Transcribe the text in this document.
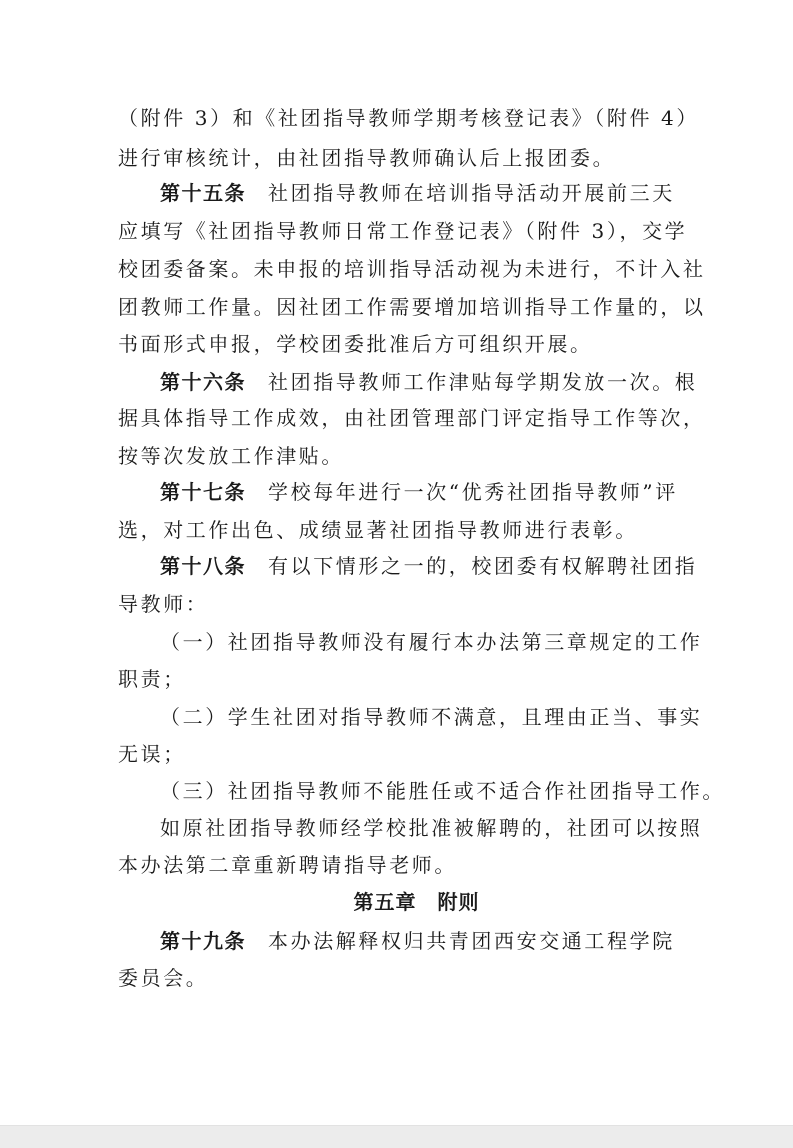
（附件 3）和《社团指导教师学期考核登记表》（附件 4）
进行审核统计，由社团指导教师确认后上报团委。
第十五条 社团指导教师在培训指导活动开展前三天
应填写《社团指导教师日常工作登记表》（附件 3），交学
校团委备案。未申报的培训指导活动视为未进行，不计入社
团教师工作量。因社团工作需要增加培训指导工作量的，以
书面形式申报，学校团委批准后方可组织开展。
第十六条 社团指导教师工作津贴每学期发放一次。根
据具体指导工作成效，由社团管理部门评定指导工作等次，
按等次发放工作津贴。
第十七条 学校每年进行一次“优秀社团指导教师”评
选，对工作出色、成绩显著社团指导教师进行表彰。
第十八条 有以下情形之一的，校团委有权解聘社团指
导教师：
（一）社团指导教师没有履行本办法第三章规定的工作
职责；
（二）学生社团对指导教师不满意，且理由正当、事实
无误；
（三）社团指导教师不能胜任或不适合作社团指导工作。
如原社团指导教师经学校批准被解聘的，社团可以按照
本办法第二章重新聘请指导老师。
第五章　附则
第十九条 本办法解释权归共青团西安交通工程学院
委员会。
